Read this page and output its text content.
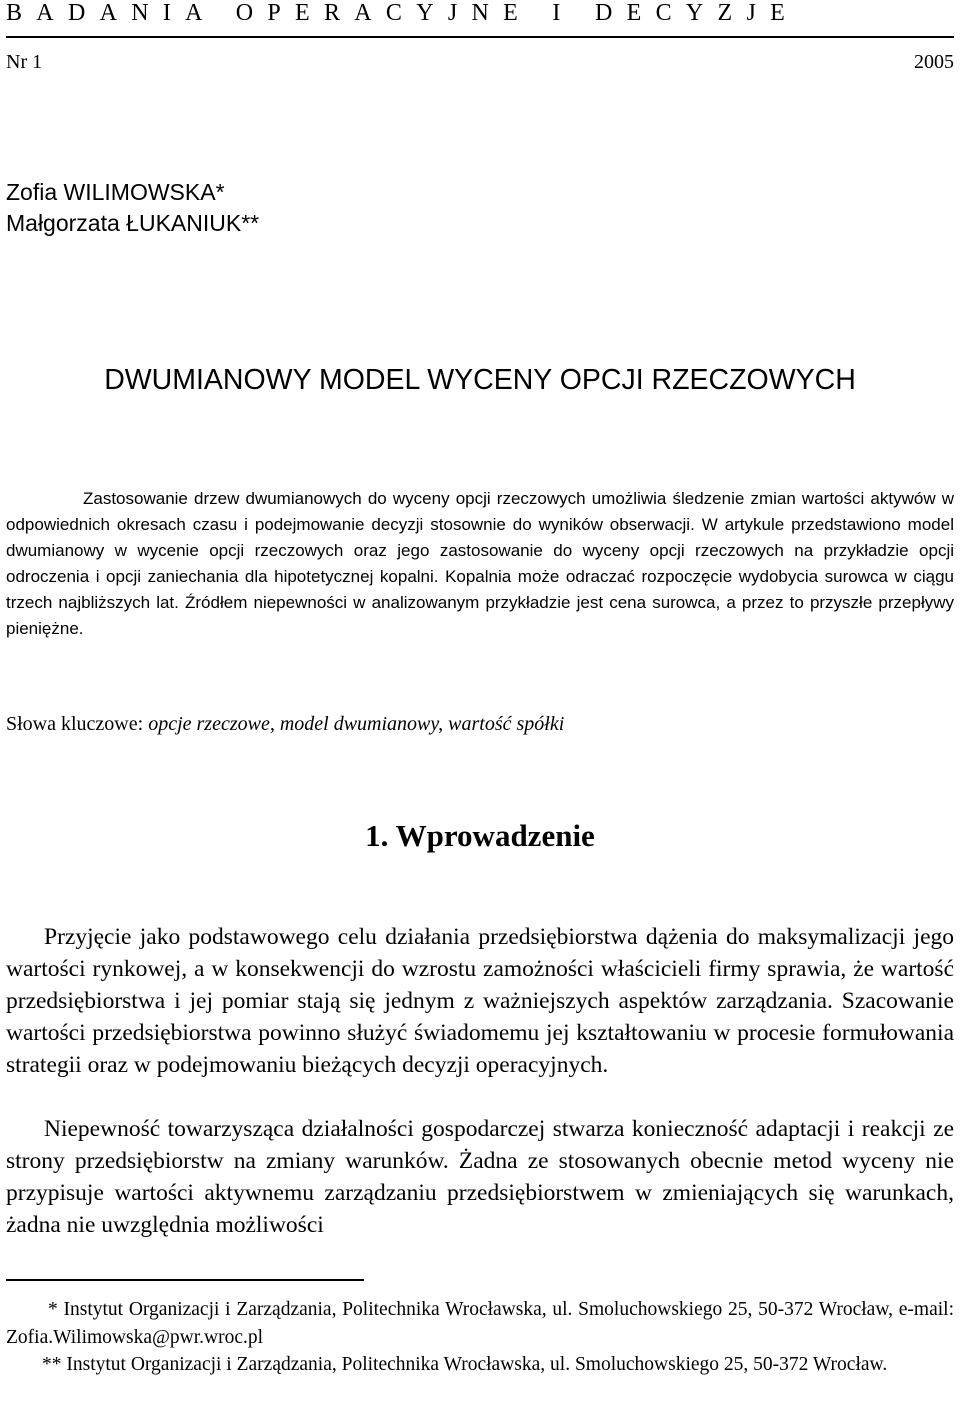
BADANIA OPERACYJNE I DECYZJE
Nr 1	2005
Zofia WILIMOWSKA*
Małgorzata ŁUKANIUK**
DWUMIANOWY MODEL WYCENY OPCJI RZECZOWYCH

Zastosowanie drzew dwumianowych do wyceny opcji rzeczowych umożliwia śledzenie zmian wartości aktywów w odpowiednich okresach czasu i podejmowanie decyzji stosownie do wyników obserwacji. W artykule przedstawiono model dwumianowy w wycenie opcji rzeczowych oraz jego zastosowanie do wyceny opcji rzeczowych na przykładzie opcji odroczenia i opcji zaniechania dla hipotetycznej kopalni. Kopalnia może odraczać rozpoczęcie wydobycia surowca w ciągu trzech najbliższych lat. Źródłem niepewności w analizowanym przykładzie jest cena surowca, a przez to przyszłe przepływy pieniężne.

Słowa kluczowe: opcje rzeczowe, model dwumianowy, wartość spółki

1. Wprowadzenie

Przyjęcie jako podstawowego celu działania przedsiębiorstwa dążenia do maksymalizacji jego wartości rynkowej, a w konsekwencji do wzrostu zamożności właścicieli firmy sprawia, że wartość przedsiębiorstwa i jej pomiar stają się jednym z ważniejszych aspektów zarządzania. Szacowanie wartości przedsiębiorstwa powinno służyć świadomemu jej kształtowaniu w procesie formułowania strategii oraz w podejmowaniu bieżących decyzji operacyjnych.

Niepewność towarzysząca działalności gospodarczej stwarza konieczność adaptacji i reakcji ze strony przedsiębiorstw na zmiany warunków. Żadna ze stosowanych obecnie metod wyceny nie przypisuje wartości aktywnemu zarządzaniu przedsiębiorstwem w zmieniających się warunkach, żadna nie uwzględnia możliwości

* Instytut Organizacji i Zarządzania, Politechnika Wrocławska, ul. Smoluchowskiego 25, 50-372 Wrocław, e-mail: Zofia.Wilimowska@pwr.wroc.pl

** Instytut Organizacji i Zarządzania, Politechnika Wrocławska, ul. Smoluchowskiego 25, 50-372 Wrocław.
